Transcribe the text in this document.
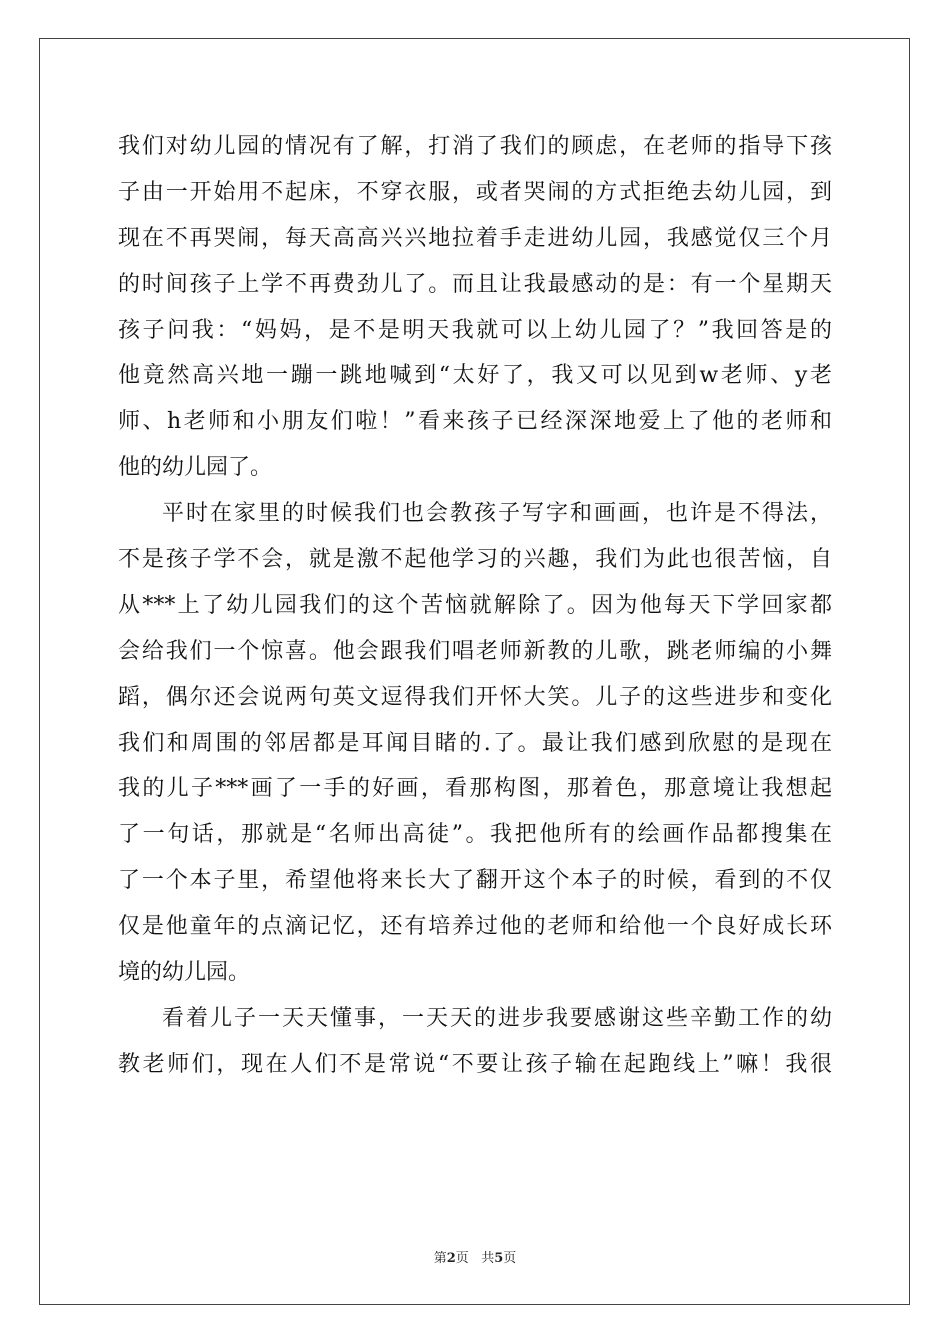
我们对幼儿园的情况有了解，打消了我们的顾虑，在老师的指导下孩
子由一开始用不起床，不穿衣服，或者哭闹的方式拒绝去幼儿园，到
现在不再哭闹，每天高高兴兴地拉着手走进幼儿园，我感觉仅三个月
的时间孩子上学不再费劲儿了。而且让我最感动的是：有一个星期天
孩子问我：“妈妈，是不是明天我就可以上幼儿园了？”我回答是的
他竟然高兴地一蹦一跳地喊到“太好了，我又可以见到w老师、y老
师、h老师和小朋友们啦！”看来孩子已经深深地爱上了他的老师和
他的幼儿园了。
平时在家里的时候我们也会教孩子写字和画画，也许是不得法，
不是孩子学不会，就是激不起他学习的兴趣，我们为此也很苦恼，自
从***上了幼儿园我们的这个苦恼就解除了。因为他每天下学回家都
会给我们一个惊喜。他会跟我们唱老师新教的儿歌，跳老师编的小舞
蹈，偶尔还会说两句英文逗得我们开怀大笑。儿子的这些进步和变化
我们和周围的邻居都是耳闻目睹的.了。最让我们感到欣慰的是现在
我的儿子***画了一手的好画，看那构图，那着色，那意境让我想起
了一句话，那就是“名师出高徒”。我把他所有的绘画作品都搜集在
了一个本子里，希望他将来长大了翻开这个本子的时候，看到的不仅
仅是他童年的点滴记忆，还有培养过他的老师和给他一个良好成长环
境的幼儿园。
看着儿子一天天懂事，一天天的进步我要感谢这些辛勤工作的幼
教老师们，现在人们不是常说“不要让孩子输在起跑线上”嘛！我很
第2页 共5页
